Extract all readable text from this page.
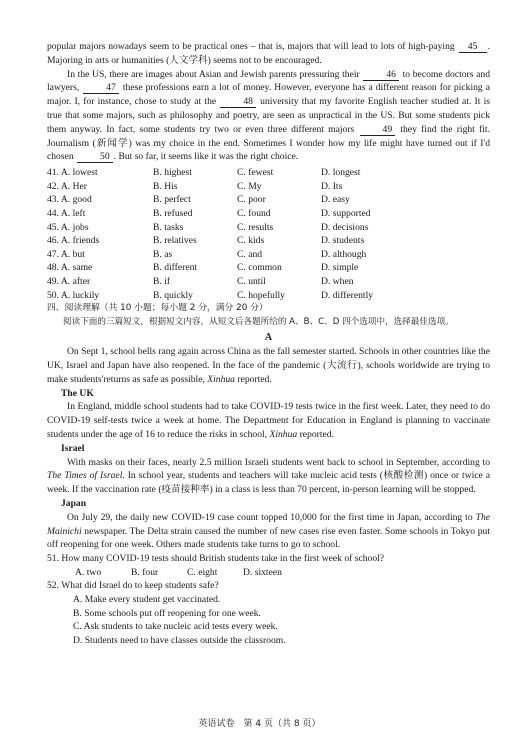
popular majors nowadays seem to be practical ones – that is, majors that will lead to lots of high-paying 45 . Majoring in arts or humanities (人文学科) seems not to be encouraged.

In the US, there are images about Asian and Jewish parents pressuring their	46 to become doctors and lawyers,	47 these professions earn a lot of money. However, everyone has a different reason for picking a major. I, for instance, chose to study at the	48 university that my favorite English teacher studied at. It is true that some majors, such as philosophy and poetry, are seen as unpractical in the US. But some students pick them anyway. In fact, some students try two or even three different majors	49 they find the right fit. Journalism (新闻学) was my choice in the end. Sometimes I wonder how my life might have turned out if I'd chosen	50 . But so far, it seems like it was the right choice.

41. A. lowest	B. highest	C. fewest	D. longest
42. A. Her	B. His	C. My	D. Its
43. A. good	B. perfect	C. poor	D. easy
44. A. left	B. refused	C. found	D. supported
45. A. jobs	B. tasks	C. results	D. decisions
46. A. friends	B. relatives	C. kids	D. students
47. A. but	B. as	C. and	D. although
48. A. same	B. different	C. common	D. simple
49. A. after	B. if	C. until	D. when
50. A. luckily	B. quickly	C. hopefully	D. differently

四、阅读理解（共 10 小题；每小题 2 分，满分 20 分）

阅读下面的三篇短文，根据短文内容，从短文后各题所给的 A、B、C、D 四个选项中，选择最佳选项。

A

On Sept 1, school bells rang again across China as the fall semester started. Schools in other countries like the UK, Israel and Japan have also reopened. In the face of the pandemic (大流行), schools worldwide are trying to make students'returns as safe as possible, Xinhua reported.

The UK

In England, middle school students had to take COVID-19 tests twice in the first week. Later, they need to do COVID-19 self-tests twice a week at home. The Department for Education in England is planning to vaccinate students under the age of 16 to reduce the risks in school, Xinhua reported.

Israel

With masks on their faces, nearly 2.5 million Israeli students went back to school in September, according to The Times of Israel. In school year, students and teachers will take nucleic acid tests (核酸检测) once or twice a week. If the vaccination rate (疫苗接种率) in a class is less than 70 percent, in-person learning will be stopped.

Japan

On July 29, the daily new COVID-19 case count topped 10,000 for the first time in Japan, according to The Mainichi newspaper. The Delta strain caused the number of new cases rise even faster. Some schools in Tokyo put off reopening for one week. Others made students take turns to go to school.

51. How many COVID-19 tests should British students take in the first week of school?

A. two	B. four	C. eight	D. sixteen

52. What did Israel do to keep students safe?

A. Make every student get vaccinated.

B. Some schools put off reopening for one week.

C. Ask students to take nucleic acid tests every week.

D. Students need to have classes outside the classroom.

英语试卷　第 4 页（共 8 页）
